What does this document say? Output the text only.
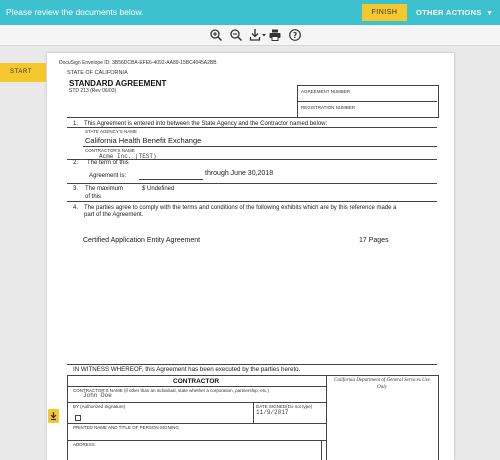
Please review the documents below.	FINISH	OTHER ACTIONS ▼
?
START
DocuSign Envelope ID: 3B56DCBA-EFE6-4092-AA89-15BC4045A2BB
STATE OF CALIFORNIA
STANDARD AGREEMENT
STD 213 (Rev 06/03)	AGREEMENT NUMBER
REGISTRATION NUMBER
1. This Agreement is entered into between the State Agency and the Contractor named below:
STATE AGENCY'S NAME
California Health Benefit Exchange
CONTRACTOR'S NAME
Acme Inc. (TEST)
2. The term of this
Agreement is:	through June 30,2018
3. The maximum
of this
$ Undefined
4. The parties agree to comply with the terms and conditions of the following exhibits which are by this reference made a
part of the Agreement.
Certified Application Entity Agreement	17 Pages
IN WITNESS WHEREOF, this Agreement has been executed by the parties hereto.
CONTRACTOR	California Department of General Services Use Only
CONTRACTOR'S NAME (if other than an individual, state whether a corporation, partnership, etc.)
John Doe
BY (Authorized Signature)	DATE SIGNED(Do not type)
11/9/2017
PRINTED NAME AND TITLE OF PERSON SIGNING
ADDRESS
